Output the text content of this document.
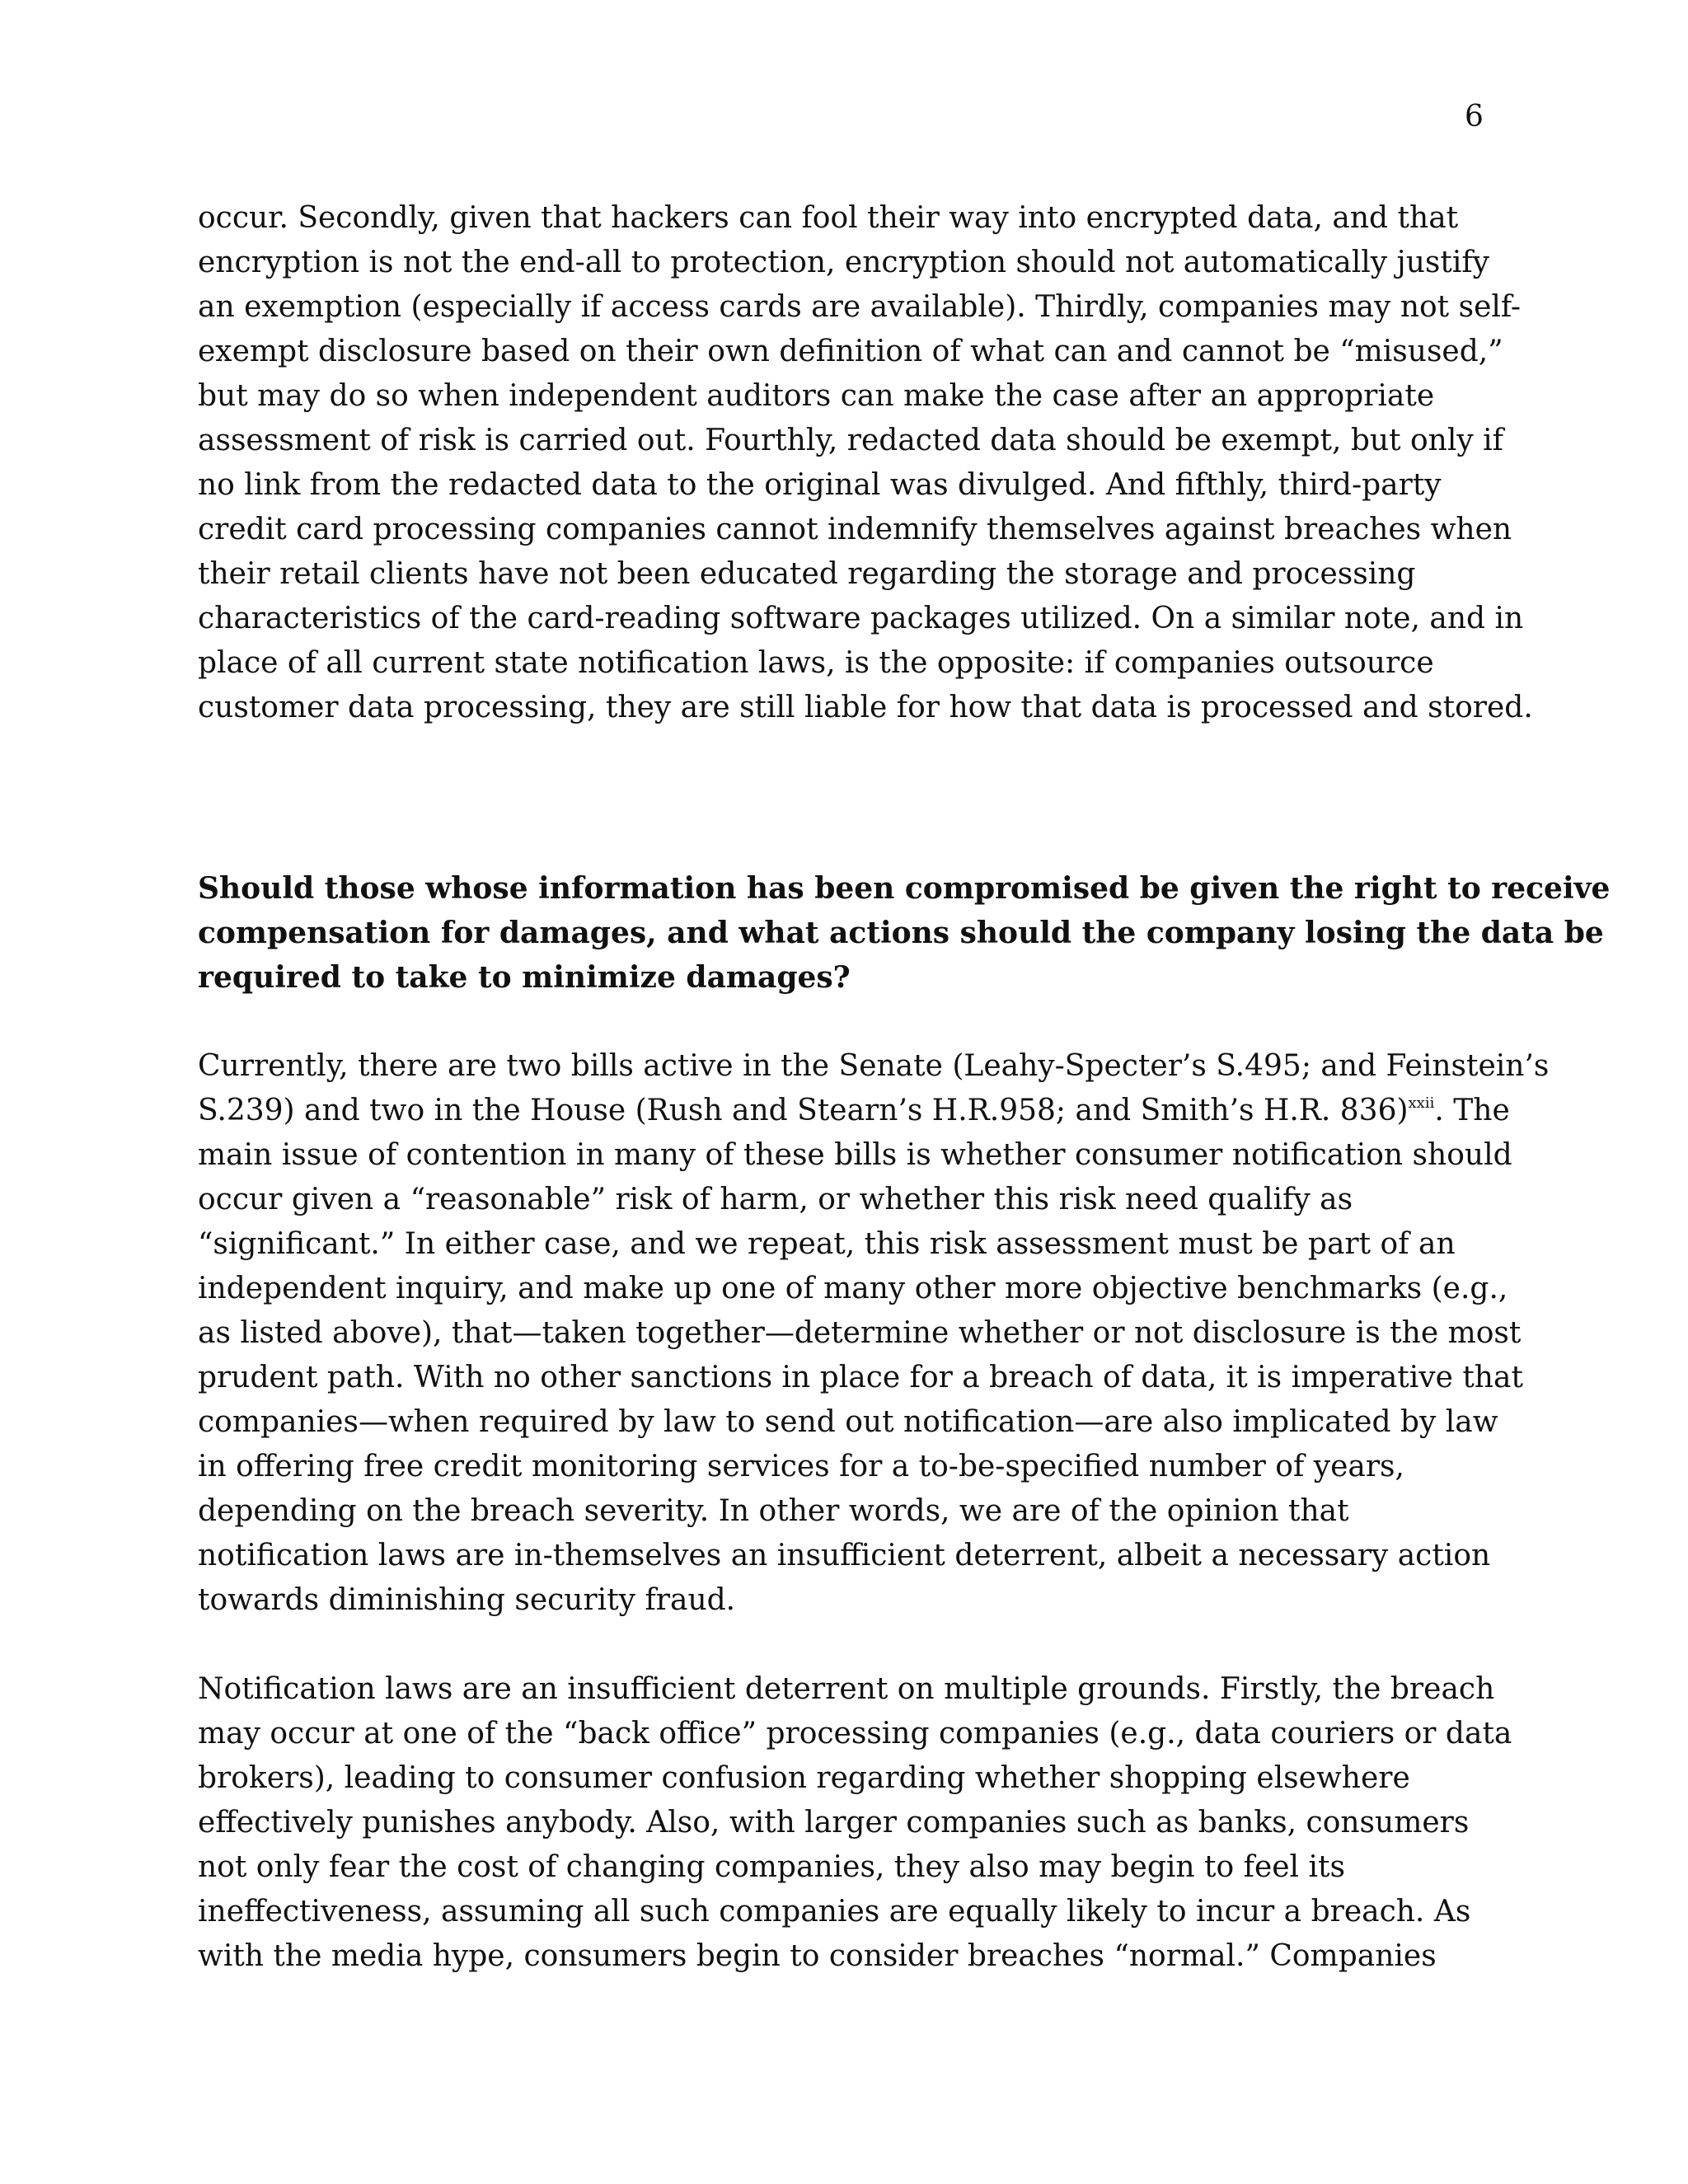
6
occur. Secondly, given that hackers can fool their way into encrypted data, and that
encryption is not the end-all to protection, encryption should not automatically justify
an exemption (especially if access cards are available). Thirdly, companies may not self-
exempt disclosure based on their own definition of what can and cannot be “misused,”
but may do so when independent auditors can make the case after an appropriate
assessment of risk is carried out. Fourthly, redacted data should be exempt, but only if
no link from the redacted data to the original was divulged. And fifthly, third-party
credit card processing companies cannot indemnify themselves against breaches when
their retail clients have not been educated regarding the storage and processing
characteristics of the card-reading software packages utilized. On a similar note, and in
place of all current state notification laws, is the opposite: if companies outsource
customer data processing, they are still liable for how that data is processed and stored.
Should those whose information has been compromised be given the right to receive
compensation for damages, and what actions should the company losing the data be
required to take to minimize damages?
Currently, there are two bills active in the Senate (Leahy-Specter’s S.495; and Feinstein’s
S.239) and two in the House (Rush and Stearn’s H.R.958; and Smith’s H.R. 836)$^{xxii}$. The
main issue of contention in many of these bills is whether consumer notification should
occur given a “reasonable” risk of harm, or whether this risk need qualify as
“significant.” In either case, and we repeat, this risk assessment must be part of an
independent inquiry, and make up one of many other more objective benchmarks (e.g.,
as listed above), that—taken together—determine whether or not disclosure is the most
prudent path. With no other sanctions in place for a breach of data, it is imperative that
companies—when required by law to send out notification—are also implicated by law
in offering free credit monitoring services for a to-be-specified number of years,
depending on the breach severity. In other words, we are of the opinion that
notification laws are in-themselves an insufficient deterrent, albeit a necessary action
towards diminishing security fraud.
Notification laws are an insufficient deterrent on multiple grounds. Firstly, the breach
may occur at one of the “back office” processing companies (e.g., data couriers or data
brokers), leading to consumer confusion regarding whether shopping elsewhere
effectively punishes anybody. Also, with larger companies such as banks, consumers
not only fear the cost of changing companies, they also may begin to feel its
ineffectiveness, assuming all such companies are equally likely to incur a breach. As
with the media hype, consumers begin to consider breaches “normal.” Companies
